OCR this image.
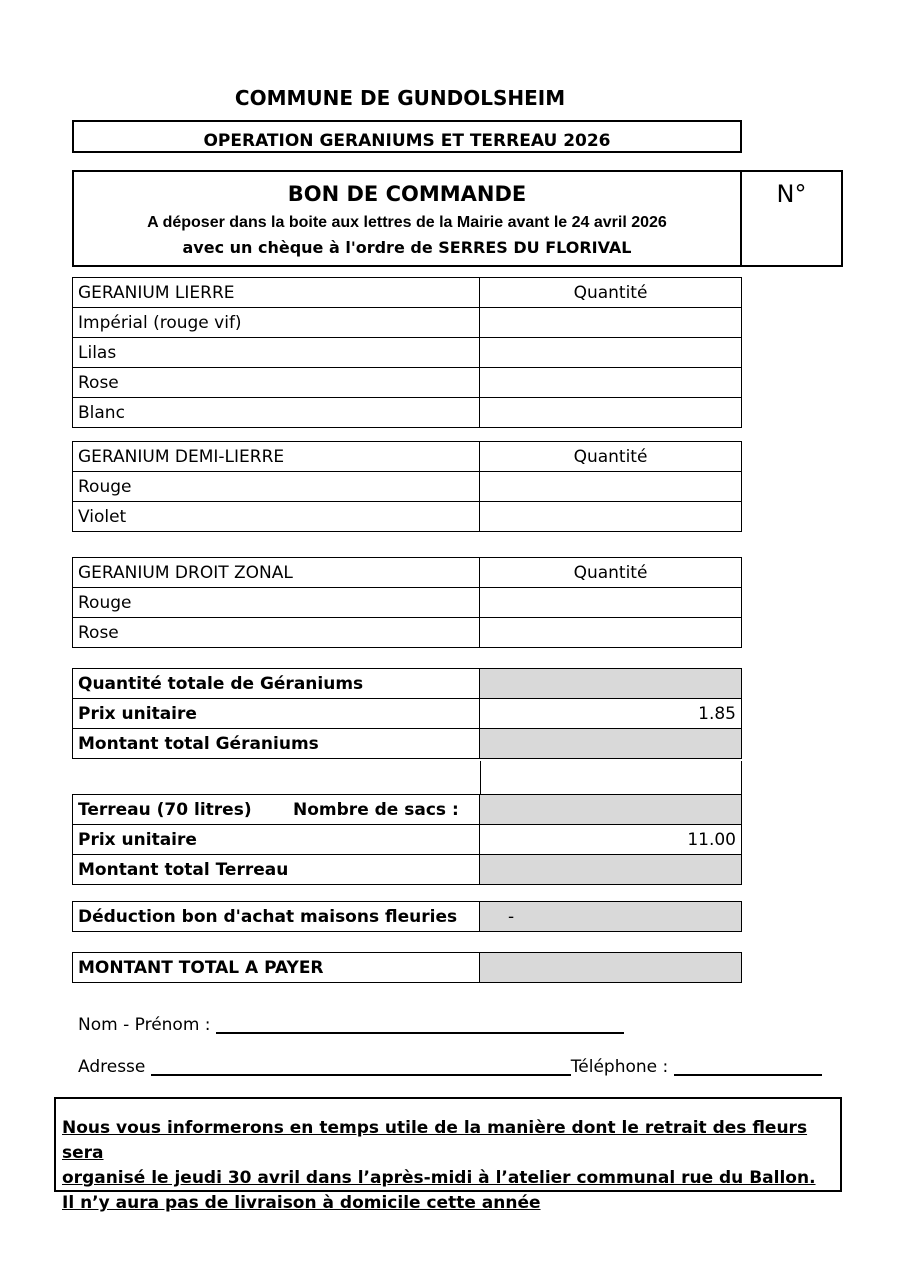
COMMUNE DE GUNDOLSHEIM
OPERATION GERANIUMS ET TERREAU 2026
BON DE COMMANDE
A déposer dans la boite aux lettres de la Mairie avant le 24 avril 2026
avec un chèque à l'ordre de SERRES DU FLORIVAL
N°
GERANIUM LIERRE	Quantité
Impérial (rouge vif)	
Lilas	
Rose	
Blanc	
GERANIUM DEMI-LIERRE	Quantité
Rouge	
Violet	
GERANIUM DROIT ZONAL	Quantité
Rouge	
Rose	
Quantité totale de Géraniums	
Prix unitaire	1.85
Montant total Géraniums	
Terreau (70 litres)       Nombre de sacs :	
Prix unitaire	11.00
Montant total Terreau	
Déduction bon d'achat maisons fleuries	-
MONTANT TOTAL A PAYER	
Nom - Prénom :
Adresse	Téléphone :
Nous vous informerons en temps utile de la manière dont le retrait des fleurs sera
organisé le jeudi 30 avril dans l’après-midi à l’atelier communal rue du Ballon.
Il n’y aura pas de livraison à domicile cette année
